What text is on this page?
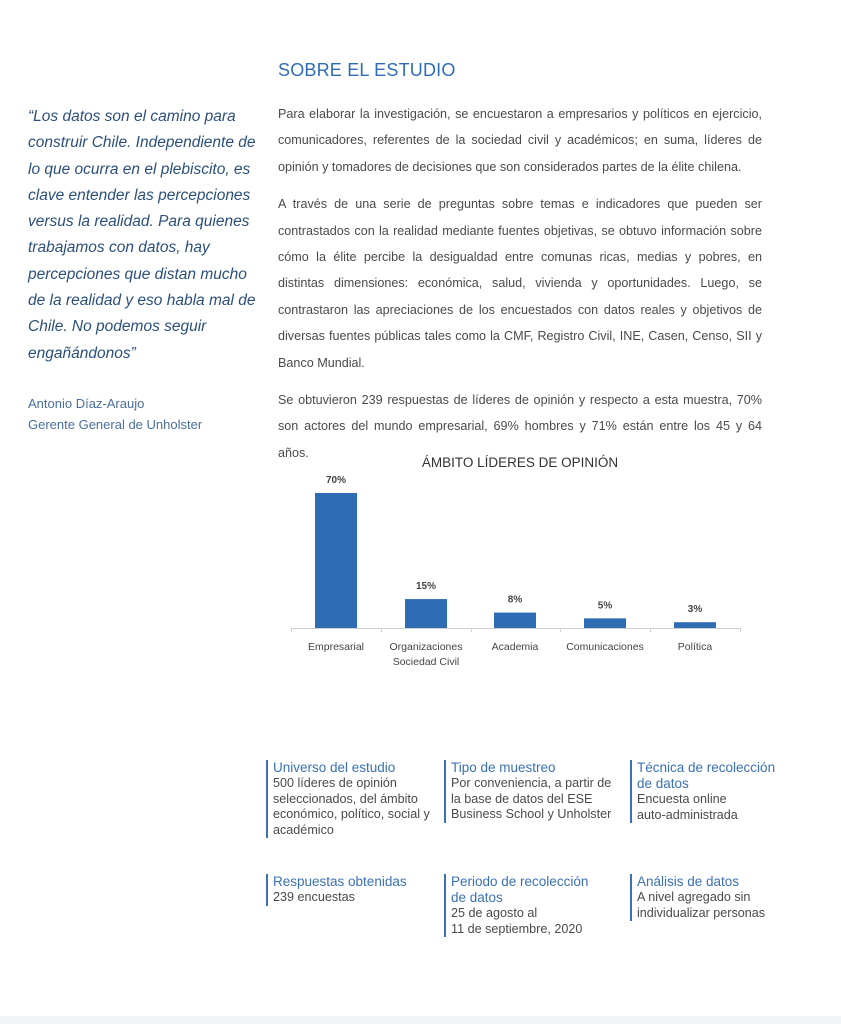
SOBRE EL ESTUDIO
“Los datos son el camino para construir Chile. Independiente de lo que ocurra en el plebiscito, es clave entender las percepciones versus la realidad. Para quienes trabajamos con datos, hay percepciones que distan mucho de la realidad y eso habla mal de Chile. No podemos seguir engañándonos”
Antonio Díaz-Araujo
Gerente General de Unholster

Para elaborar la investigación, se encuestaron a empresarios y políticos en ejercicio, comunicadores, referentes de la sociedad civil y académicos; en suma, líderes de opinión y tomadores de decisiones que son considerados partes de la élite chilena.

A través de una serie de preguntas sobre temas e indicadores que pueden ser contrastados con la realidad mediante fuentes objetivas, se obtuvo información sobre cómo la élite percibe la desigualdad entre comunas ricas, medias y pobres, en distintas dimensiones: económica, salud, vivienda y oportunidades. Luego, se contrastaron las apreciaciones de los encuestados con datos reales y objetivos de diversas fuentes públicas tales como la CMF, Registro Civil, INE, Casen, Censo, SII y Banco Mundial.

Se obtuvieron 239 respuestas de líderes de opinión y respecto a esta muestra, 70% son actores del mundo empresarial, 69% hombres y 71% están entre los 45 y 64 años.

ÁMBITO LÍDERES DE OPINIÓN
70%
Empresarial
15%
Organizaciones
Sociedad Civil
8%
Academia
5%
Comunicaciones
3%
Política
Universo del estudio
500 líderes de opinión
seleccionados, del ámbito
económico, político, social y
académico
Tipo de muestreo
Por conveniencia, a partir de
la base de datos del ESE
Business School y Unholster
Técnica de recolección
de datos
Encuesta online
auto-administrada
Respuestas obtenidas
239 encuestas
Periodo de recolección
de datos
25 de agosto al
11 de septiembre, 2020
Análisis de datos
A nivel agregado sin
individualizar personas
